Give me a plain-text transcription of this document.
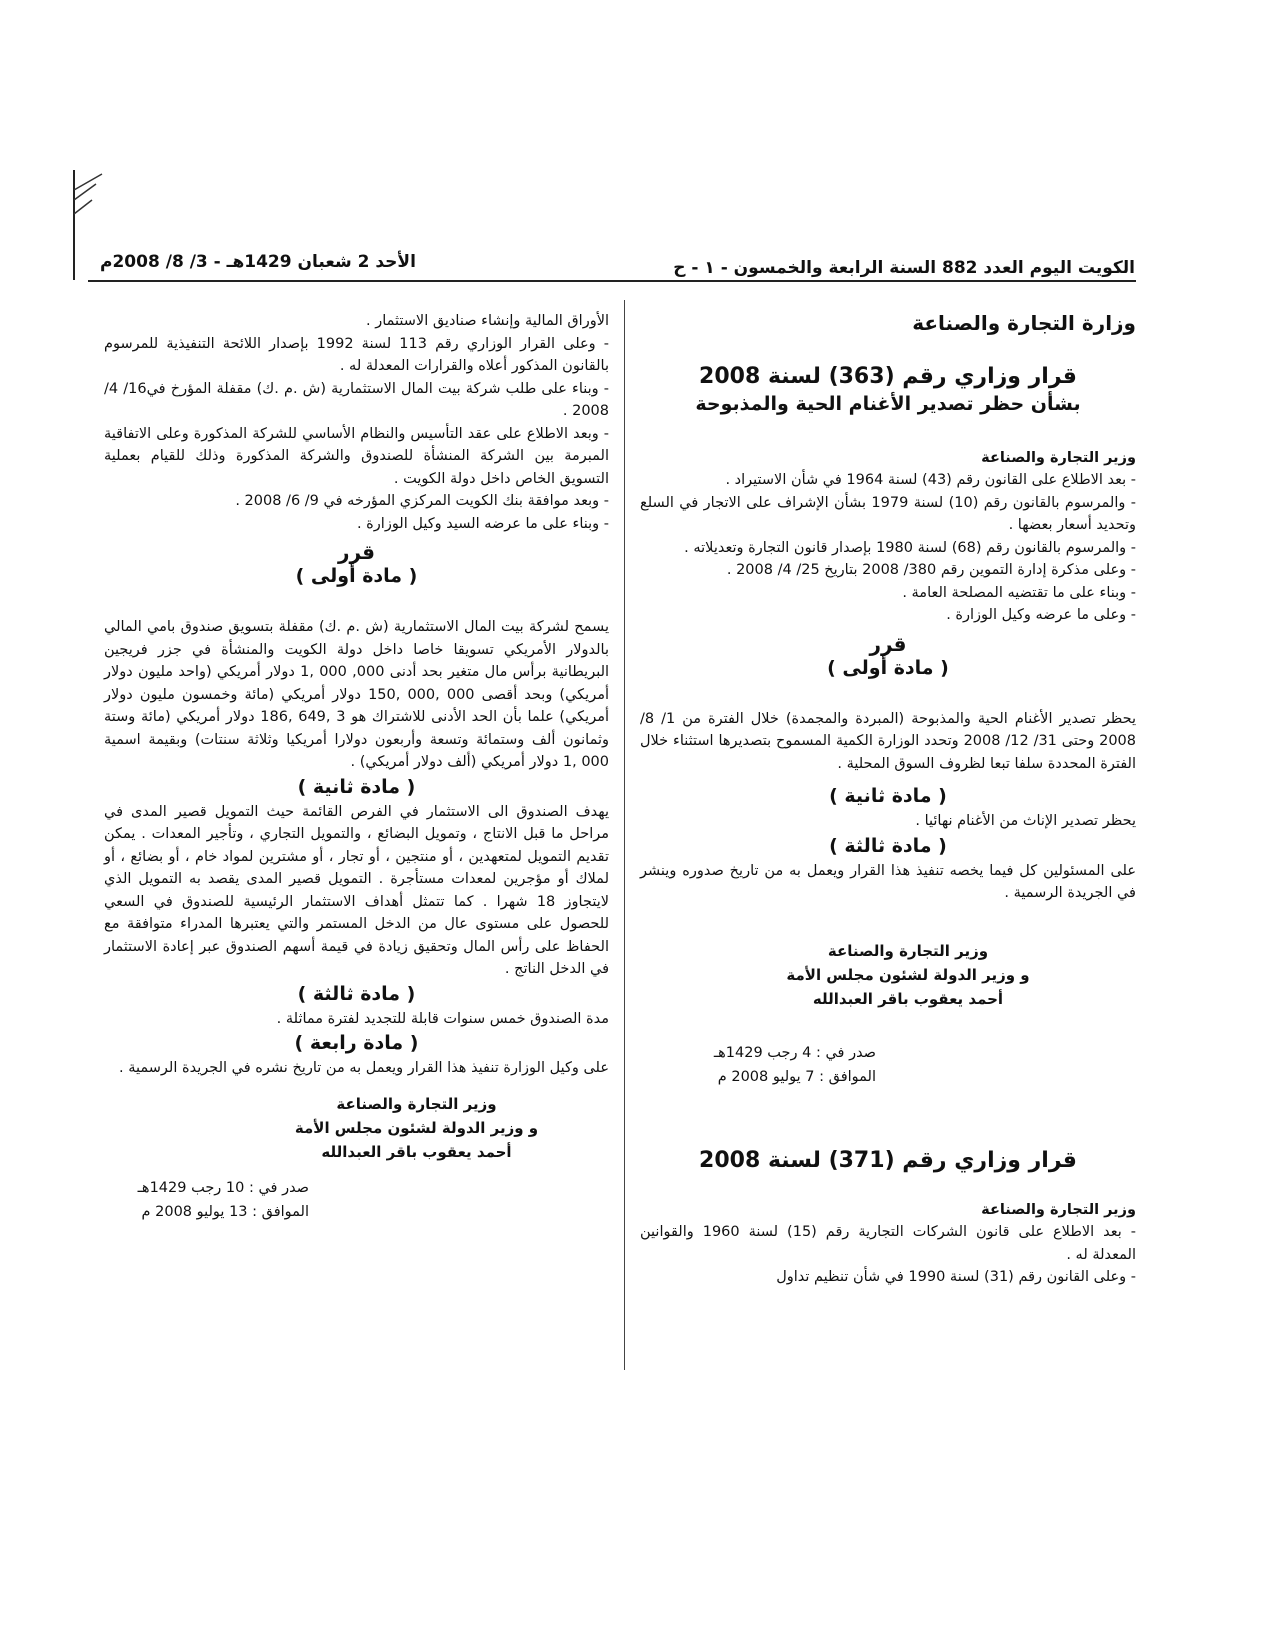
الأحد 2 شعبان 1429هـ - 3/ 8/ 2008م	الكويت اليوم العدد 882 السنة الرابعة والخمسون - ١ - ح

وزارة التجارة والصناعة

قرار وزاري رقم (363) لسنة 2008

بشأن حظر تصدير الأغنام الحية والمذبوحة

وزير التجارة والصناعة

- بعد الاطلاع على القانون رقم (43) لسنة 1964 في شأن الاستيراد .

- والمرسوم بالقانون رقم (10) لسنة 1979 بشأن الإشراف على الاتجار في السلع وتحديد أسعار بعضها .

- والمرسوم بالقانون رقم (68) لسنة 1980 بإصدار قانون التجارة وتعديلاته .

- وعلى مذكرة إدارة التموين رقم 380/ 2008 بتاريخ 25/ 4/ 2008 .

- وبناء على ما تقتضيه المصلحة العامة .

- وعلى ما عرضه وكيل الوزارة .

قرر

( مادة أولى )

يحظر تصدير الأغنام الحية والمذبوحة (المبردة والمجمدة) خلال الفترة من 1/ 8/ 2008 وحتى 31/ 12/ 2008 وتحدد الوزارة الكمية المسموح بتصديرها استثناء خلال الفترة المحددة سلفا تبعا لظروف السوق المحلية .

( مادة ثانية )

يحظر تصدير الإناث من الأغنام نهائيا .

( مادة ثالثة )

على المسئولين كل فيما يخصه تنفيذ هذا القرار ويعمل به من تاريخ صدوره وينشر في الجريدة الرسمية .

وزير التجارة والصناعة

و وزير الدولة لشئون مجلس الأمة

أحمد يعقوب باقر العبدالله

صدر في : 4 رجب 1429هـ

الموافق : 7 يوليو 2008 م

قرار وزاري رقم (371) لسنة 2008

وزير التجارة والصناعة

- بعد الاطلاع على قانون الشركات التجارية رقم (15) لسنة 1960 والقوانين المعدلة له .

- وعلى القانون رقم (31) لسنة 1990 في شأن تنظيم تداول

الأوراق المالية وإنشاء صناديق الاستثمار .

- وعلى القرار الوزاري رقم 113 لسنة 1992 بإصدار اللائحة التنفيذية للمرسوم بالقانون المذكور أعلاه والقرارات المعدلة له .

- وبناء على طلب شركة بيت المال الاستثمارية (ش .م .ك) مقفلة المؤرخ في16/ 4/ 2008 .

- وبعد الاطلاع على عقد التأسيس والنظام الأساسي للشركة المذكورة وعلى الاتفاقية المبرمة بين الشركة المنشأة للصندوق والشركة المذكورة وذلك للقيام بعملية التسويق الخاص داخل دولة الكويت .

- وبعد موافقة بنك الكويت المركزي المؤرخه في 9/ 6/ 2008 .

- وبناء على ما عرضه السيد وكيل الوزارة .

قرر

( مادة أولى )

يسمح لشركة بيت المال الاستثمارية (ش .م .ك) مقفلة بتسويق صندوق بامي المالي بالدولار الأمريكي تسويقا خاصا داخل دولة الكويت والمنشأة في جزر فريجين البريطانية برأس مال متغير بحد أدنى 000, 000 ,1 دولار أمريكي (واحد مليون دولار أمريكي) وبحد أقصى 000 ,000 ,150 دولار أمريكي (مائة وخمسون مليون دولار أمريكي) علما بأن الحد الأدنى للاشتراك هو 3 ,649 ,186 دولار أمريكي (مائة وستة وثمانون ألف وستمائة وتسعة وأربعون دولارا أمريكيا وثلاثة سنتات) وبقيمة اسمية 000 ,1 دولار أمريكي (ألف دولار أمريكي) .

( مادة ثانية )

يهدف الصندوق الى الاستثمار في الفرص القائمة حيث التمويل قصير المدى في مراحل ما قبل الانتاج ، وتمويل البضائع ، والتمويل التجاري ، وتأجير المعدات . يمكن تقديم التمويل لمتعهدين ، أو منتجين ، أو تجار ، أو مشترين لمواد خام ، أو بضائع ، أو لملاك أو مؤجرين لمعدات مستأجرة . التمويل قصير المدى يقصد به التمويل الذي لايتجاوز 18 شهرا . كما تتمثل أهداف الاستثمار الرئيسية للصندوق في السعي للحصول على مستوى عال من الدخل المستمر والتي يعتبرها المدراء متوافقة مع الحفاظ على رأس المال وتحقيق زيادة في قيمة أسهم الصندوق عبر إعادة الاستثمار في الدخل الناتج .

( مادة ثالثة )

مدة الصندوق خمس سنوات قابلة للتجديد لفترة مماثلة .

( مادة رابعة )

على وكيل الوزارة تنفيذ هذا القرار ويعمل به من تاريخ نشره في الجريدة الرسمية .

وزير التجارة والصناعة

و وزير الدولة لشئون مجلس الأمة

أحمد يعقوب باقر العبدالله

صدر في : 10 رجب 1429هـ

الموافق : 13 يوليو 2008 م
